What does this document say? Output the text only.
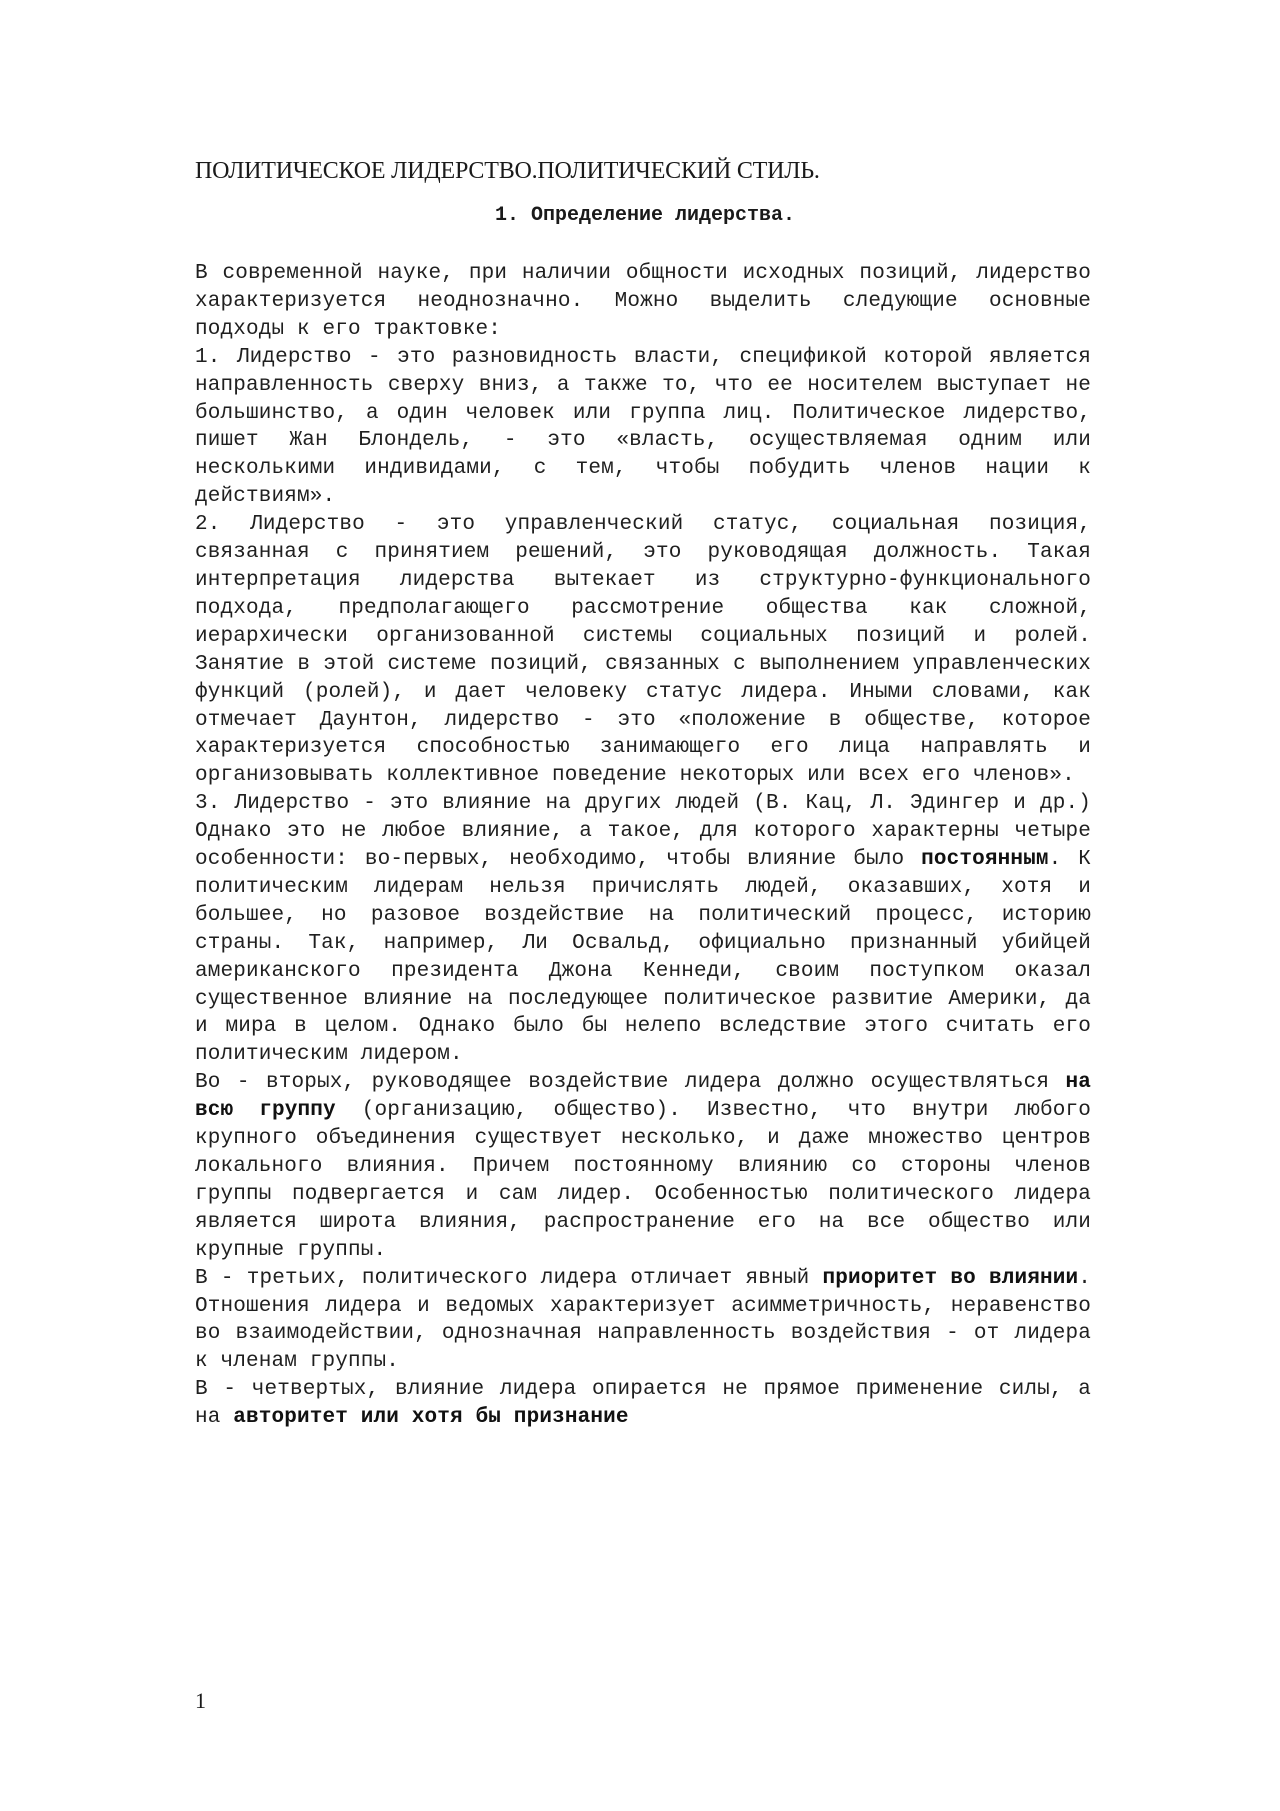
ПОЛИТИЧЕСКОЕ ЛИДЕРСТВО.ПОЛИТИЧЕСКИЙ СТИЛЬ.
1. Определение лидерства.

В современной науке, при наличии общности исходных позиций, лидерство характеризуется неоднозначно. Можно выделить следующие основные подходы к его трактовке:

1. Лидерство - это разновидность власти, спецификой которой является направленность сверху вниз, а также то, что ее носителем выступает не большинство, а один человек или группа лиц. Политическое лидерство, пишет Жан Блондель, - это «власть, осуществляемая одним или несколькими индивидами, с тем, чтобы побудить членов нации к действиям».

2. Лидерство - это управленческий статус, социальная позиция, связанная с принятием решений, это руководящая должность. Такая интерпретация лидерства вытекает из структурно-функционального подхода, предполагающего рассмотрение общества как сложной, иерархически организованной системы социальных позиций и ролей. Занятие в этой системе позиций, связанных с выполнением управленческих функций (ролей), и дает человеку статус лидера. Иными словами, как отмечает Даунтон, лидерство - это «положение в обществе, которое характеризуется способностью занимающего его лица направлять и организовывать коллективное поведение некоторых или всех его членов».

3. Лидерство - это влияние на других людей (В. Кац, Л. Эдингер и др.) Однако это не любое влияние, а такое, для которого характерны четыре особенности: во-первых, необходимо, чтобы влияние было постоянным. К политическим лидерам нельзя причислять людей, оказавших, хотя и большее, но разовое воздействие на политический процесс, историю страны. Так, например, Ли Освальд, официально признанный убийцей американского президента Джона Кеннеди, своим поступком оказал существенное влияние на последующее политическое развитие Америки, да и мира в целом. Однако было бы нелепо вследствие этого считать его политическим лидером.

Во - вторых, руководящее воздействие лидера должно осуществляться на всю группу (организацию, общество). Известно, что внутри любого крупного объединения существует несколько, и даже множество центров локального влияния. Причем постоянному влиянию со стороны членов группы подвергается и сам лидер. Особенностью политического лидера является широта влияния, распространение его на все общество или крупные группы.

В - третьих, политического лидера отличает явный приоритет во влиянии. Отношения лидера и ведомых характеризует асимметричность, неравенство во взаимодействии, однозначная направленность воздействия - от лидера к членам группы.

В - четвертых, влияние лидера опирается не прямое применение силы, а на авторитет или хотя бы признание

1
